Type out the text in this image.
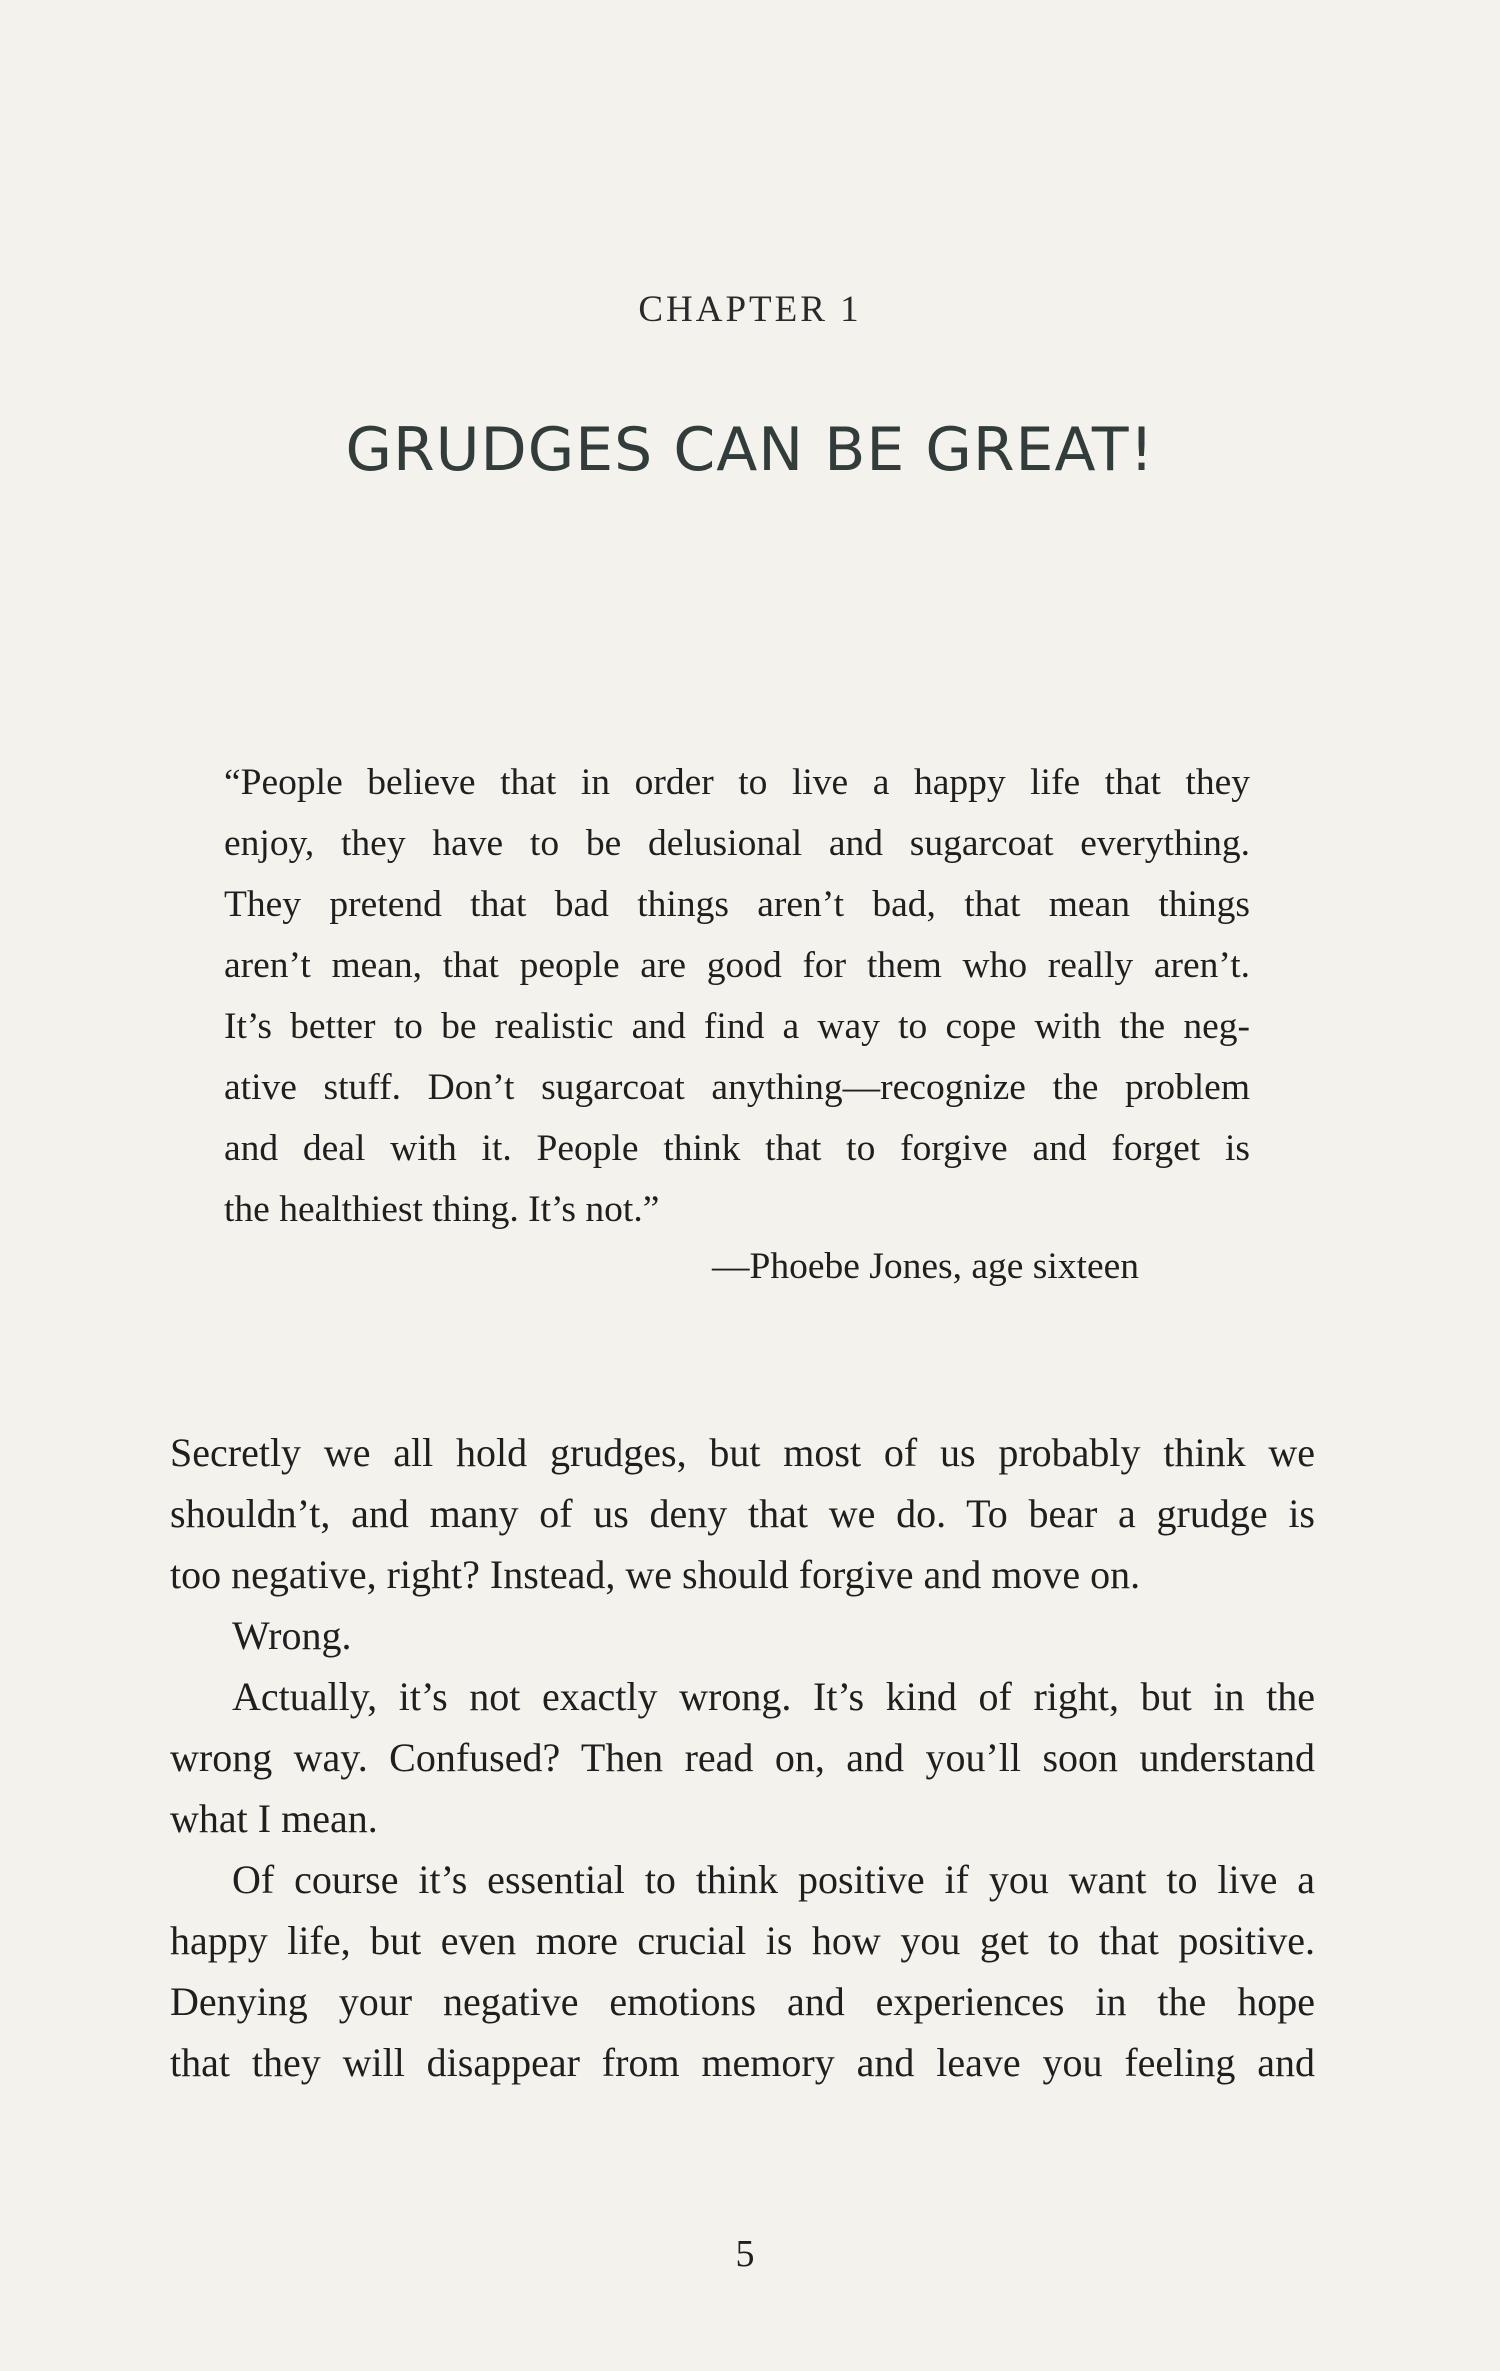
CHAPTER 1
GRUDGES CAN BE GREAT!
“People believe that in order to live a happy life that they
enjoy, they have to be delusional and sugarcoat everything.
They pretend that bad things aren’t bad, that mean things
aren’t mean, that people are good for them who really aren’t.
It’s better to be realistic and find a way to cope with the neg-
ative stuff. Don’t sugarcoat anything—recognize the problem
and deal with it. People think that to forgive and forget is
the healthiest thing. It’s not.”
—Phoebe Jones, age sixteen
Secretly we all hold grudges, but most of us probably think we
shouldn’t, and many of us deny that we do. To bear a grudge is
too negative, right? Instead, we should forgive and move on.
Wrong.
Actually, it’s not exactly wrong. It’s kind of right, but in the
wrong way. Confused? Then read on, and you’ll soon understand
what I mean.
Of course it’s essential to think positive if you want to live a
happy life, but even more crucial is how you get to that positive.
Denying your negative emotions and experiences in the hope
that they will disappear from memory and leave you feeling and
5
